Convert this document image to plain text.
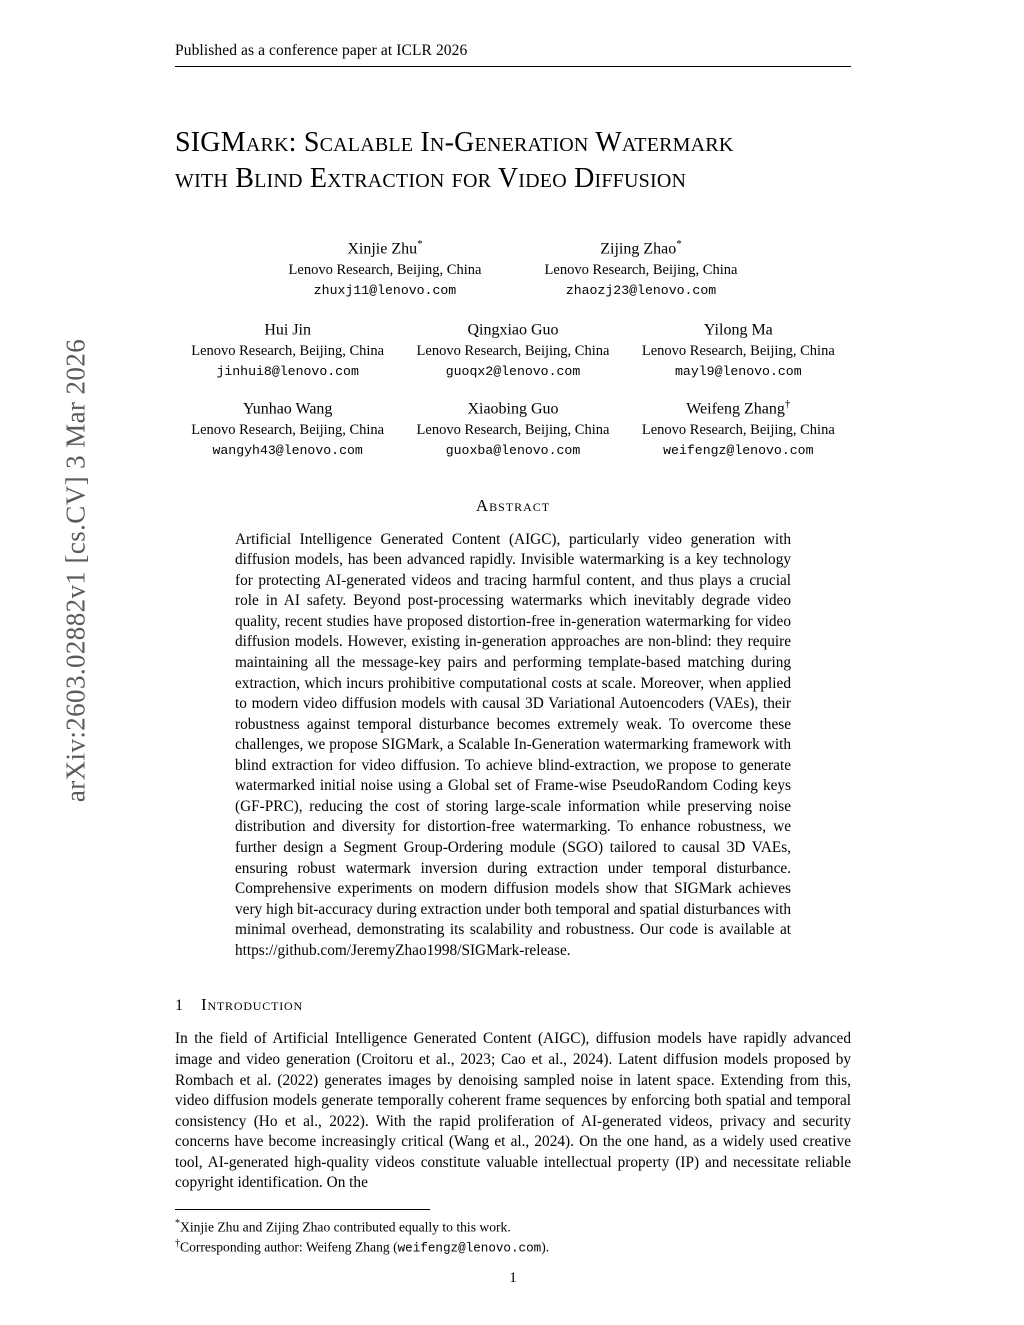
arXiv:2603.02882v1 [cs.CV] 3 Mar 2026
Published as a conference paper at ICLR 2026
SIGMark: Scalable In-Generation Watermark
with Blind Extraction for Video Diffusion
Xinjie Zhu*
Lenovo Research, Beijing, China
zhuxj11@lenovo.com
Zijing Zhao*
Lenovo Research, Beijing, China
zhaozj23@lenovo.com
Hui Jin
Lenovo Research, Beijing, China
jinhui8@lenovo.com
Qingxiao Guo
Lenovo Research, Beijing, China
guoqx2@lenovo.com
Yilong Ma
Lenovo Research, Beijing, China
mayl9@lenovo.com
Yunhao Wang
Lenovo Research, Beijing, China
wangyh43@lenovo.com
Xiaobing Guo
Lenovo Research, Beijing, China
guoxba@lenovo.com
Weifeng Zhang†
Lenovo Research, Beijing, China
weifengz@lenovo.com
Abstract
Artificial Intelligence Generated Content (AIGC), particularly video generation with diffusion models, has been advanced rapidly. Invisible watermarking is a key technology for protecting AI-generated videos and tracing harmful content, and thus plays a crucial role in AI safety. Beyond post-processing watermarks which inevitably degrade video quality, recent studies have proposed distortion-free in-generation watermarking for video diffusion models. However, existing in-generation approaches are non-blind: they require maintaining all the message-key pairs and performing template-based matching during extraction, which incurs prohibitive computational costs at scale. Moreover, when applied to modern video diffusion models with causal 3D Variational Autoencoders (VAEs), their robustness against temporal disturbance becomes extremely weak. To overcome these challenges, we propose SIGMark, a Scalable In-Generation watermarking framework with blind extraction for video diffusion. To achieve blind-extraction, we propose to generate watermarked initial noise using a Global set of Frame-wise PseudoRandom Coding keys (GF-PRC), reducing the cost of storing large-scale information while preserving noise distribution and diversity for distortion-free watermarking. To enhance robustness, we further design a Segment Group-Ordering module (SGO) tailored to causal 3D VAEs, ensuring robust watermark inversion during extraction under temporal disturbance. Comprehensive experiments on modern diffusion models show that SIGMark achieves very high bit-accuracy during extraction under both temporal and spatial disturbances with minimal overhead, demonstrating its scalability and robustness. Our code is available at https://github.com/JeremyZhao1998/SIGMark-release.
1 Introduction
In the field of Artificial Intelligence Generated Content (AIGC), diffusion models have rapidly advanced image and video generation (Croitoru et al., 2023; Cao et al., 2024). Latent diffusion models proposed by Rombach et al. (2022) generates images by denoising sampled noise in latent space. Extending from this, video diffusion models generate temporally coherent frame sequences by enforcing both spatial and temporal consistency (Ho et al., 2022). With the rapid proliferation of AI-generated videos, privacy and security concerns have become increasingly critical (Wang et al., 2024). On the one hand, as a widely used creative tool, AI-generated high-quality videos constitute valuable intellectual property (IP) and necessitate reliable copyright identification. On the
*Xinjie Zhu and Zijing Zhao contributed equally to this work.
†Corresponding author: Weifeng Zhang (weifengz@lenovo.com).
1
